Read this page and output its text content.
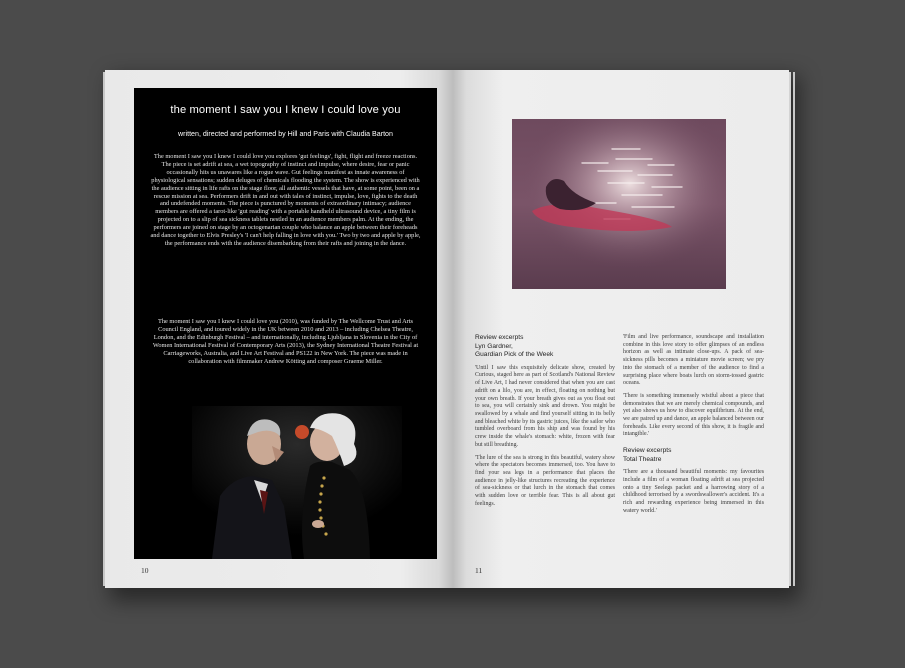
the moment I saw you I knew I could love you
written, directed and performed by Hill and Paris with Claudia Barton

The moment I saw you I knew I could love you explores 'gut feelings', fight, flight and freeze reactions. The piece is set adrift at sea, a wet topography of instinct and impulse, where desire, fear or panic occasionally hits us unawares like a rogue wave. Gut feelings manifest as innate awareness of physiological sensations; sudden deluges of chemicals flooding the system. The show is experienced with the audience sitting in life rafts on the stage floor, all authentic vessels that have, at some point, been on a rescue mission at sea. Performers drift in and out with tales of instinct, impulse, love, fights to the death and undefended moments. The piece is punctured by moments of extraordinary intimacy; audience members are offered a tarot-like 'gut reading' with a portable handheld ultrasound device, a tiny film is projected on to a slip of sea sickness tablets nestled in an audience members palm. At the ending, the performers are joined on stage by an octogenarian couple who balance an apple between their foreheads and dance together to Elvis Presley's 'I can't help falling in love with you.' Two by two and apple by apple, the performance ends with the audience disembarking from their rafts and joining in the dance.

The moment I saw you I knew I could love you (2010), was funded by The Wellcome Trust and Arts Council England, and toured widely in the UK between 2010 and 2013 – including Chelsea Theatre, London, and the Edinburgh Festival – and internationally, including Ljubljana in Slovenia in the City of Women International Festival of Contemporary Arts (2013), the Sydney International Theatre Festival at Carriageworks, Australia, and Live Art Festival and PS122 in New York. The piece was made in collaboration with filmmaker Andrew Kötting and composer Graeme Miller.

10
Review excerpts
Lyn Gardner,
Guardian Pick of the Week

'Until I saw this exquisitely delicate show, created by Curious, staged here as part of Scotland's National Review of Live Art, I had never considered that when you are cast adrift on a lilo, you are, in effect, floating on nothing but your own breath. If your breath gives out as you float out to sea, you will certainly sink and drown. You might be swallowed by a whale and find yourself sitting in its belly and bleached white by its gastric juices, like the sailor who tumbled overboard from his ship and was found by his crew inside the whale's stomach: white, frozen with fear but still breathing.

'The lure of the sea is strong in this beautiful, watery show where the spectators becomes immersed, too. You have to find your sea legs in a performance that places the audience in jelly-like structures recreating the experience of sea-sickness or that lurch in the stomach that comes with sudden love or terrible fear. This is all about gut feelings.

'Film and live performance, soundscape and installation combine in this love story to offer glimpses of an endless horizon as well as intimate close-ups. A pack of sea-sickness pills becomes a miniature movie screen; we pry into the stomach of a member of the audience to find a surprising place where boats lurch on storm-tossed gastric oceans.

'There is something immensely wistful about a piece that demonstrates that we are merely chemical compounds, and yet also shows us how to discover equilibrium. At the end, we are paired up and dance, an apple balanced between our foreheads. Like every second of this show, it is fragile and intangible.'

Review excerpts
Total Theatre

'There are a thousand beautiful moments: my favourites include a film of a woman floating adrift at sea projected onto a tiny Seelegs packet and a harrowing story of a childhood terrorised by a swordswallower's accident. It's a rich and rewarding experience being immersed in this watery world.'

11
